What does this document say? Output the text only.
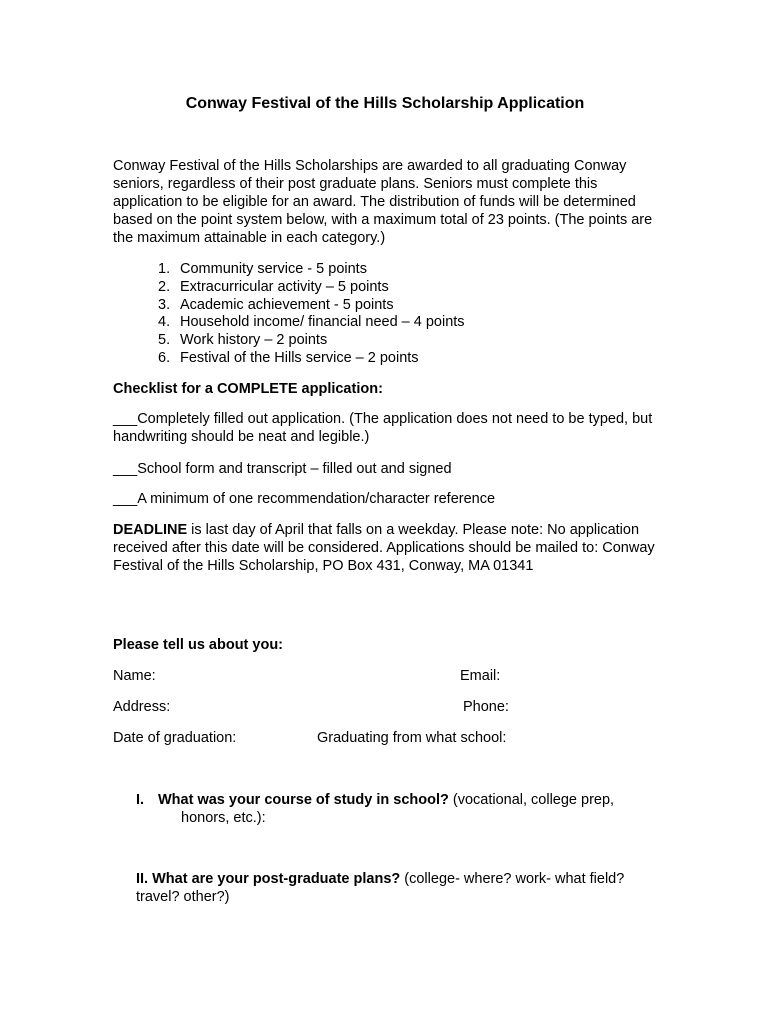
Conway Festival of the Hills Scholarship Application

Conway Festival of the Hills Scholarships are awarded to all graduating Conway seniors, regardless of their post graduate plans. Seniors must complete this application to be eligible for an award. The distribution of funds will be determined based on the point system below, with a maximum total of 23 points. (The points are the maximum attainable in each category.)

1. Community service - 5 points
2. Extracurricular activity – 5 points
3. Academic achievement - 5 points
4. Household income/ financial need – 4 points
5. Work history – 2 points
6. Festival of the Hills service – 2 points

Checklist for a COMPLETE application:

___Completely filled out application. (The application does not need to be typed, but handwriting should be neat and legible.)

___School form and transcript – filled out and signed

___A minimum of one recommendation/character reference

DEADLINE is last day of April that falls on a weekday. Please note: No application received after this date will be considered. Applications should be mailed to: Conway Festival of the Hills Scholarship, PO Box 431, Conway, MA 01341

Please tell us about you:

Name:	Email:
Address:	Phone:
Date of graduation:	Graduating from what school:
I. What was your course of study in school? (vocational, college prep,
honors, etc.):
II. What are your post-graduate plans? (college- where? work- what field? travel? other?)
